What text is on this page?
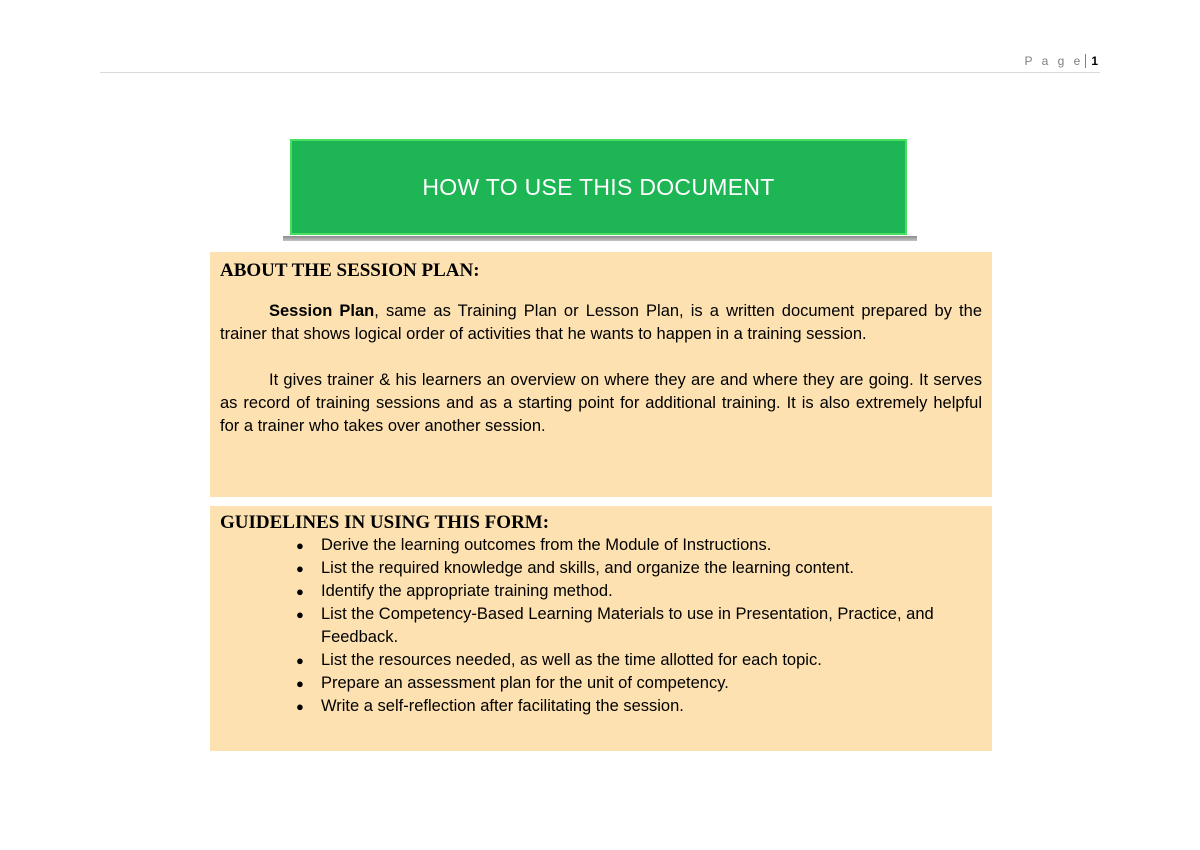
P a g e 1
HOW TO USE THIS DOCUMENT
ABOUT THE SESSION PLAN:

Session Plan, same as Training Plan or Lesson Plan, is a written document prepared by the trainer that shows logical order of activities that he wants to happen in a training session.

It gives trainer & his learners an overview on where they are and where they are going. It serves as record of training sessions and as a starting point for additional training. It is also extremely helpful for a trainer who takes over another session.

GUIDELINES IN USING THIS FORM:
● Derive the learning outcomes from the Module of Instructions.
● List the required knowledge and skills, and organize the learning content.
● Identify the appropriate training method.
● List the Competency-Based Learning Materials to use in Presentation, Practice, and Feedback.
● List the resources needed, as well as the time allotted for each topic.
● Prepare an assessment plan for the unit of competency.
● Write a self-reflection after facilitating the session.
